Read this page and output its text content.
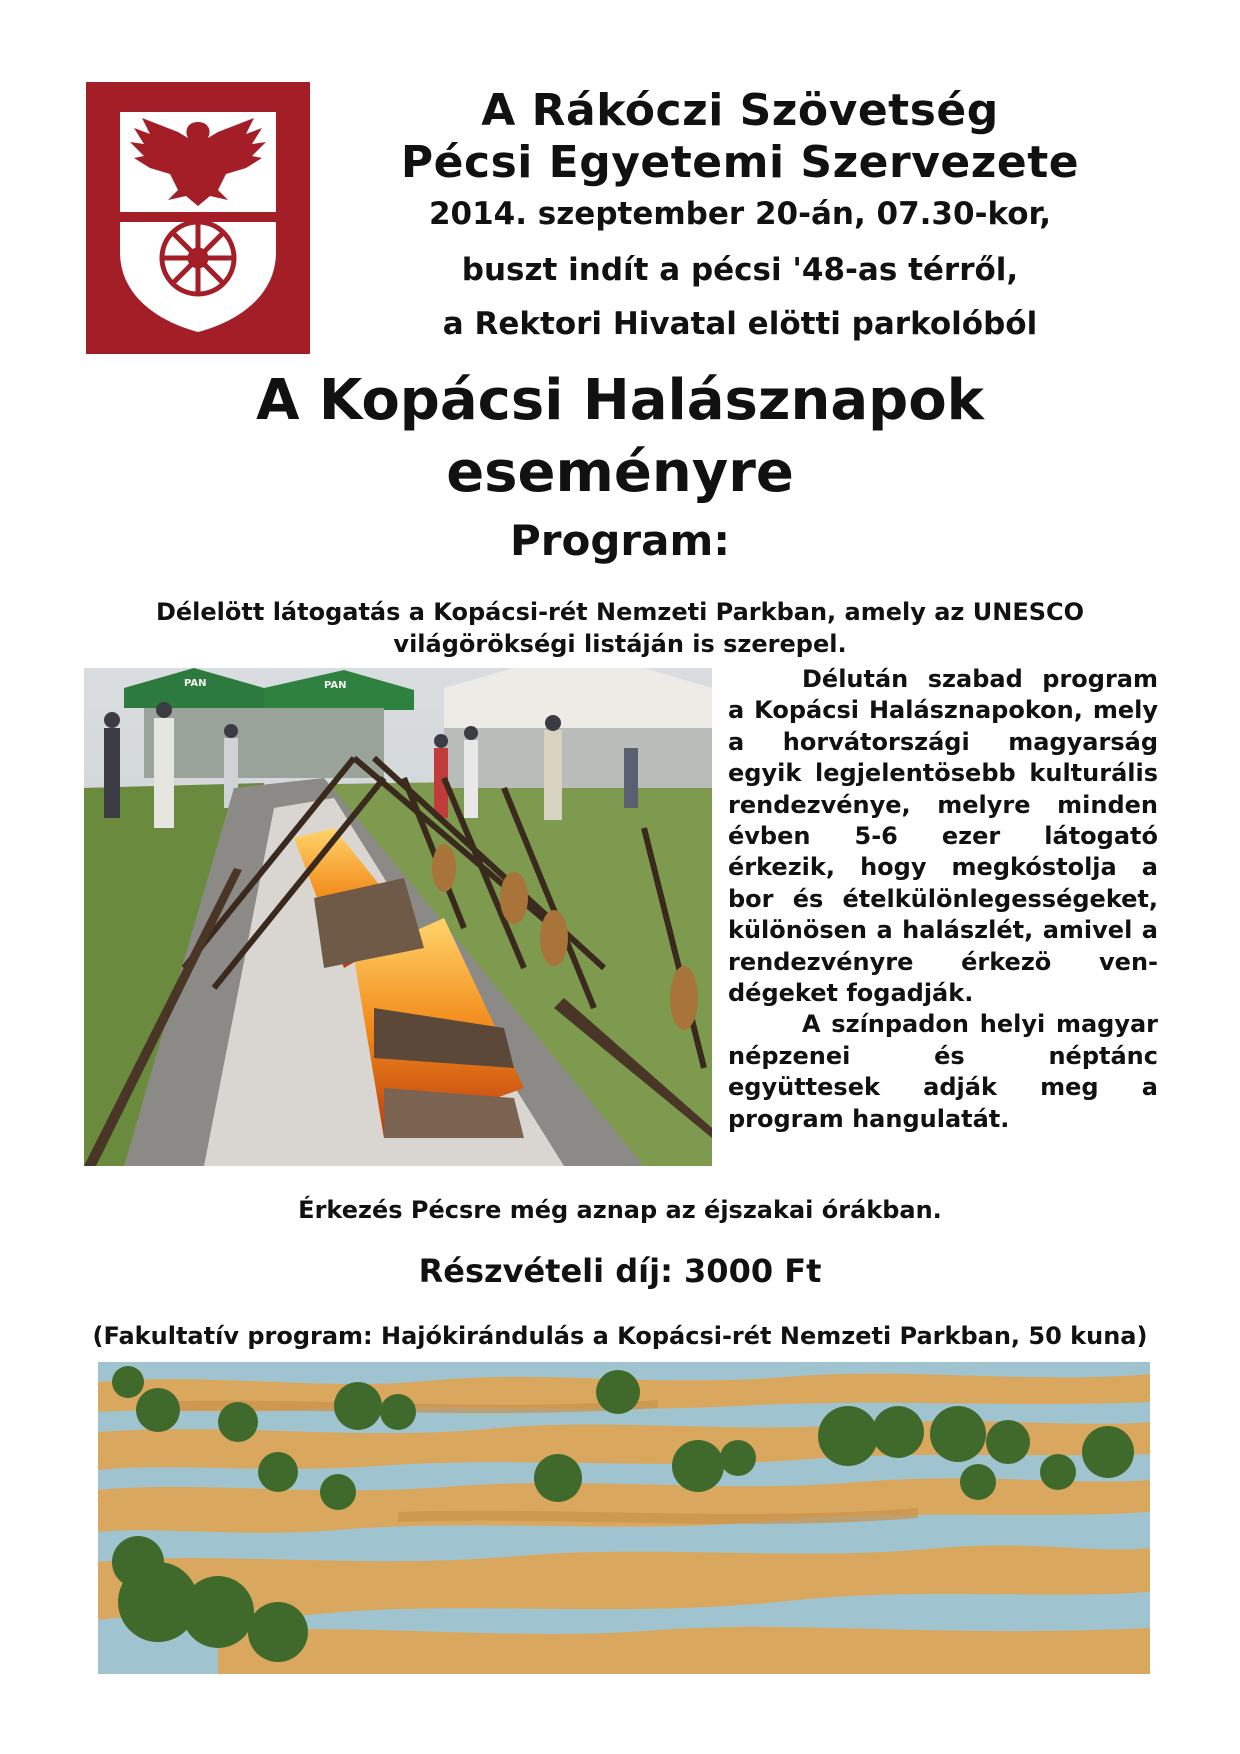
A Rákóczi Szövetség
Pécsi Egyetemi Szervezete
2014. szeptember 20-án, 07.30-kor,
buszt indít a pécsi '48-as térről,
a Rektori Hivatal elötti parkolóból
A Kopácsi Halásznapok
eseményre
Program:
Délelött látogatás a Kopácsi-rét Nemzeti Parkban, amely az UNESCO
világörökségi listáján is szerepel.
PAN	PAN	Délután szabad program a Kopácsi Halásznapokon, mely a horvátországi magyarság egyik legjelentösebb kulturális rendezvénye, melyre minden évben 5-6 ezer látogató érkezik, hogy megkóstolja a bor és ételkülönlegességeket, különösen a halászlét, amivel a rendezvényre érkezö vendégeket fogadják.

A színpadon helyi magyar népzenei és néptánc együttesek adják meg a program hangulatát.

Érkezés Pécsre még aznap az éjszakai órákban.
Részvételi díj: 3000 Ft
(Fakultatív program: Hajókirándulás a Kopácsi-rét Nemzeti Parkban, 50 kuna)
